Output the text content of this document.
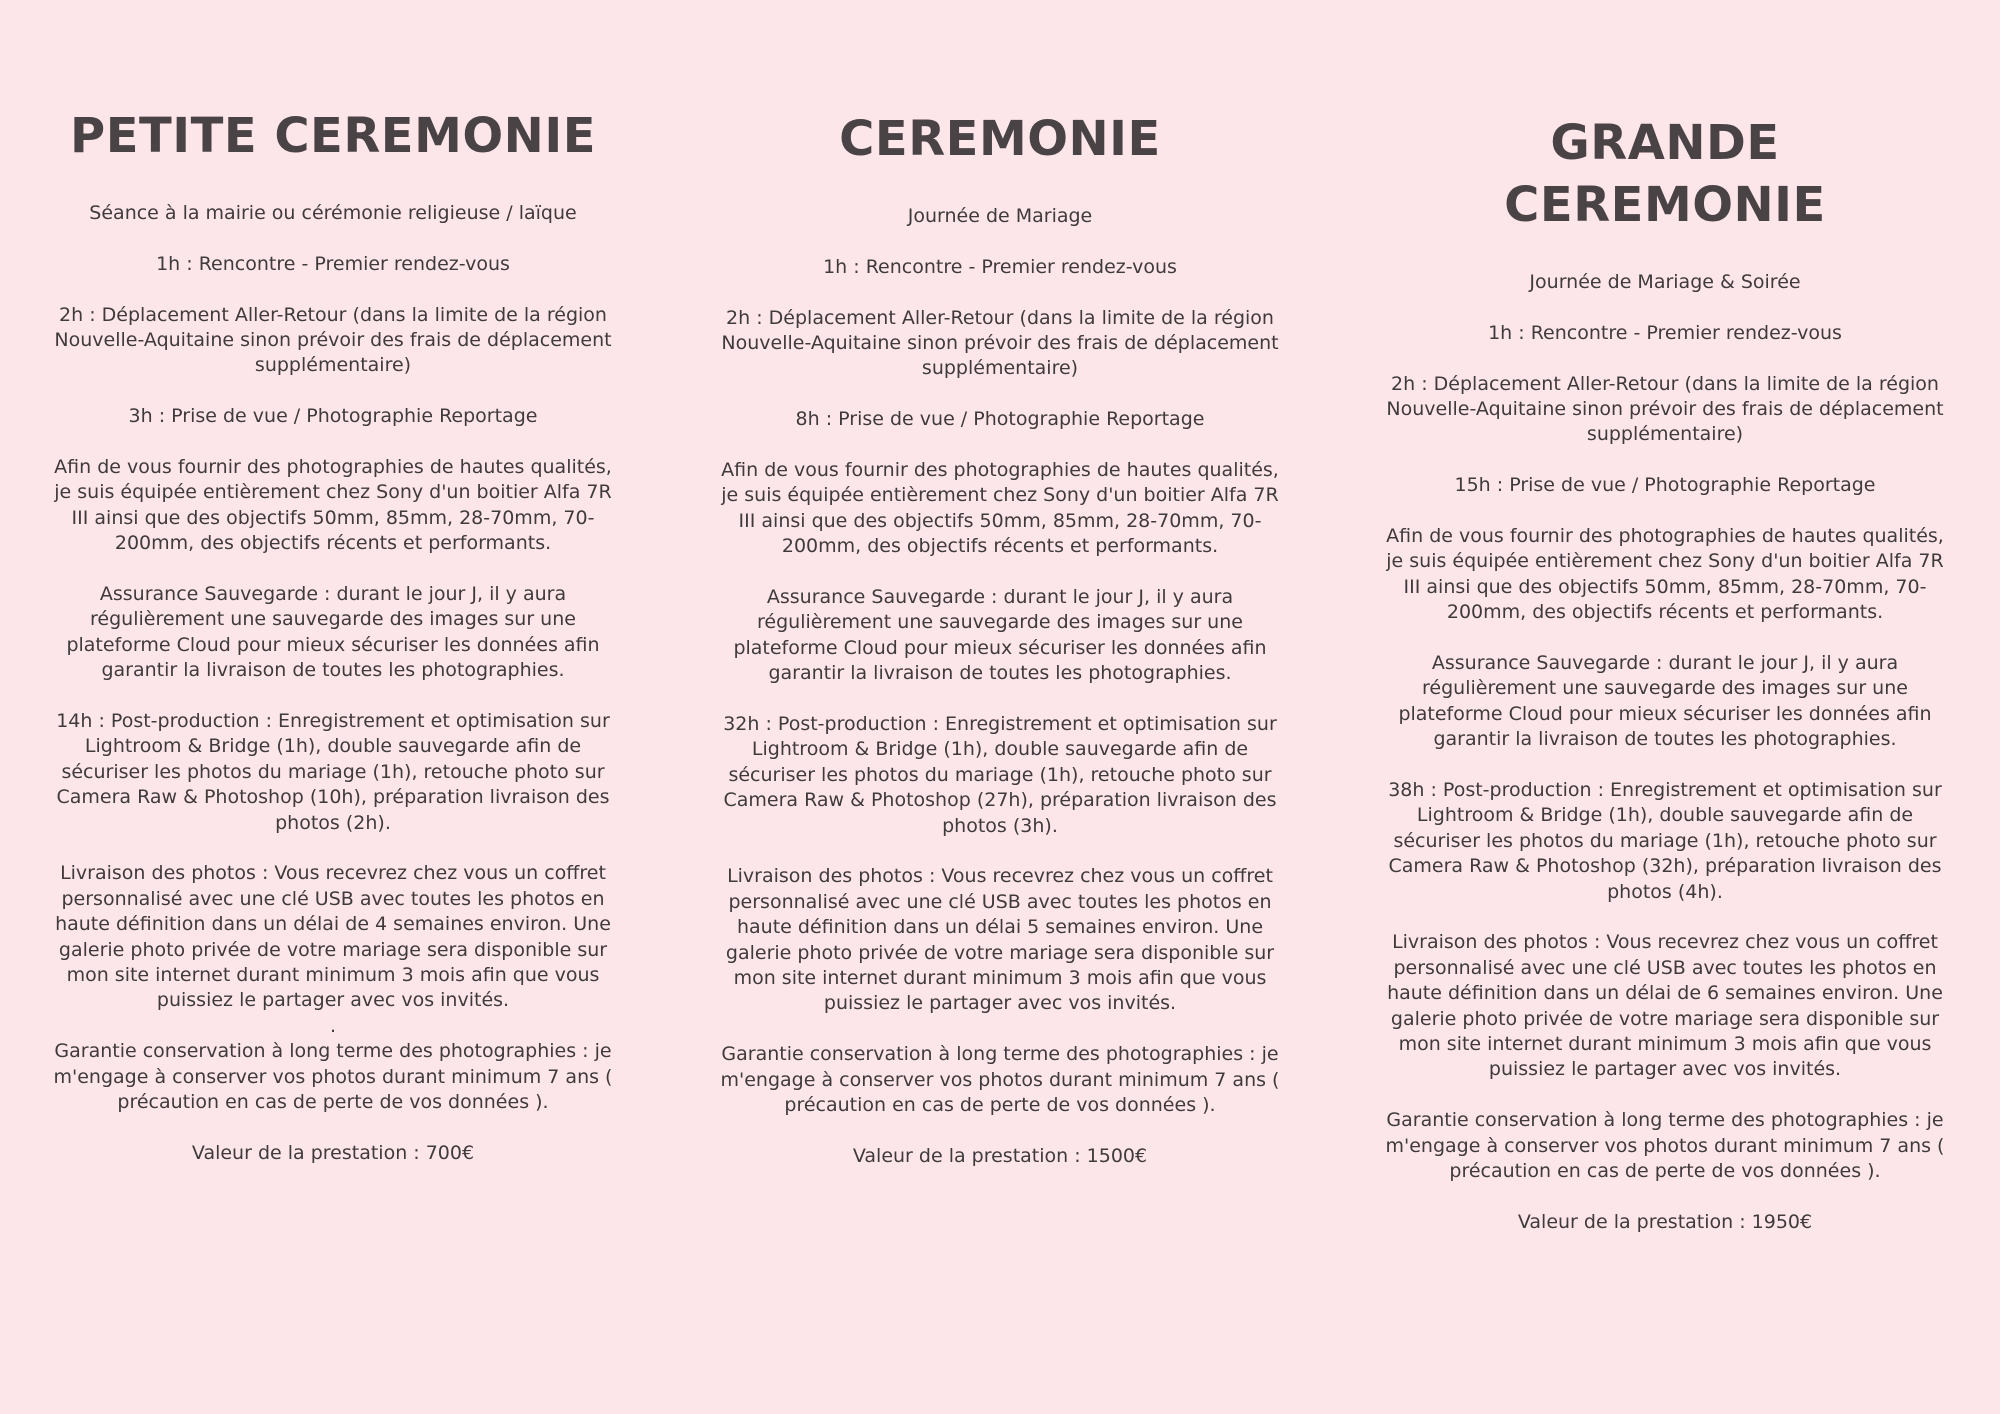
PETITE CEREMONIE

Séance à la mairie ou cérémonie religieuse / laïque

1h : Rencontre - Premier rendez-vous

2h : Déplacement Aller-Retour (dans la limite de la région Nouvelle-Aquitaine sinon prévoir des frais de déplacement supplémentaire)

3h : Prise de vue / Photographie Reportage

Afin de vous fournir des photographies de hautes qualités, je suis équipée entièrement chez Sony d'un boitier Alfa 7R III ainsi que des objectifs 50mm, 85mm, 28-70mm, 70-200mm, des objectifs récents et performants.

Assurance Sauvegarde : durant le jour J, il y aura régulièrement une sauvegarde des images sur une plateforme Cloud pour mieux sécuriser les données afin garantir la livraison de toutes les photographies.

14h : Post-production : Enregistrement et optimisation sur Lightroom & Bridge (1h), double sauvegarde afin de sécuriser les photos du mariage (1h), retouche photo sur Camera Raw & Photoshop (10h), préparation livraison des photos (2h).

Livraison des photos : Vous recevrez chez vous un coffret personnalisé avec une clé USB avec toutes les photos en haute définition dans un délai de 4 semaines environ. Une galerie photo privée de votre mariage sera disponible sur mon site internet durant minimum 3 mois afin que vous puissiez le partager avec vos invités.

.

Garantie conservation à long terme des photographies : je m'engage à conserver vos photos durant minimum 7 ans ( précaution en cas de perte de vos données ).

Valeur de la prestation : 700€

CEREMONIE

Journée de Mariage

1h : Rencontre - Premier rendez-vous

2h : Déplacement Aller-Retour (dans la limite de la région Nouvelle-Aquitaine sinon prévoir des frais de déplacement supplémentaire)

8h : Prise de vue / Photographie Reportage

Afin de vous fournir des photographies de hautes qualités, je suis équipée entièrement chez Sony d'un boitier Alfa 7R III ainsi que des objectifs 50mm, 85mm, 28-70mm, 70-200mm, des objectifs récents et performants.

Assurance Sauvegarde : durant le jour J, il y aura régulièrement une sauvegarde des images sur une plateforme Cloud pour mieux sécuriser les données afin garantir la livraison de toutes les photographies.

32h : Post-production : Enregistrement et optimisation sur Lightroom & Bridge (1h), double sauvegarde afin de sécuriser les photos du mariage (1h), retouche photo sur Camera Raw & Photoshop (27h), préparation livraison des photos (3h).

Livraison des photos : Vous recevrez chez vous un coffret personnalisé avec une clé USB avec toutes les photos en haute définition dans un délai 5 semaines environ. Une galerie photo privée de votre mariage sera disponible sur mon site internet durant minimum 3 mois afin que vous puissiez le partager avec vos invités.

Garantie conservation à long terme des photographies : je m'engage à conserver vos photos durant minimum 7 ans ( précaution en cas de perte de vos données ).

Valeur de la prestation : 1500€

GRANDE CEREMONIE

Journée de Mariage & Soirée

1h : Rencontre - Premier rendez-vous

2h : Déplacement Aller-Retour (dans la limite de la région Nouvelle-Aquitaine sinon prévoir des frais de déplacement supplémentaire)

15h : Prise de vue / Photographie Reportage

Afin de vous fournir des photographies de hautes qualités, je suis équipée entièrement chez Sony d'un boitier Alfa 7R III ainsi que des objectifs 50mm, 85mm, 28-70mm, 70-200mm, des objectifs récents et performants.

Assurance Sauvegarde : durant le jour J, il y aura régulièrement une sauvegarde des images sur une plateforme Cloud pour mieux sécuriser les données afin garantir la livraison de toutes les photographies.

38h : Post-production : Enregistrement et optimisation sur Lightroom & Bridge (1h), double sauvegarde afin de sécuriser les photos du mariage (1h), retouche photo sur Camera Raw & Photoshop (32h), préparation livraison des photos (4h).

Livraison des photos : Vous recevrez chez vous un coffret personnalisé avec une clé USB avec toutes les photos en haute définition dans un délai de 6 semaines environ. Une galerie photo privée de votre mariage sera disponible sur mon site internet durant minimum 3 mois afin que vous puissiez le partager avec vos invités.

Garantie conservation à long terme des photographies : je m'engage à conserver vos photos durant minimum 7 ans ( précaution en cas de perte de vos données ).

Valeur de la prestation : 1950€
